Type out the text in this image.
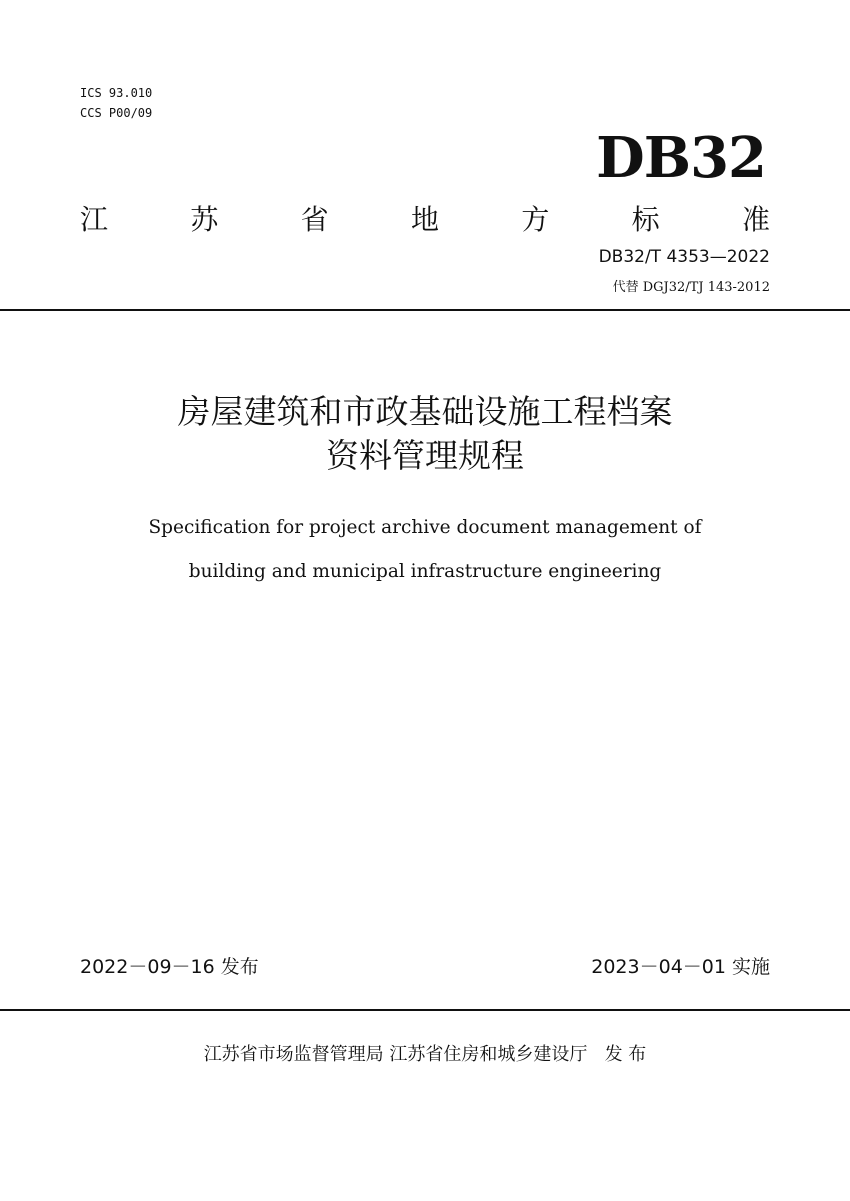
ICS 93.010
CCS P00/09
DB32
江	苏	省	地	方	标	准
DB32/T 4353—2022
代替 DGJ32/TJ 143-2012
房屋建筑和市政基础设施工程档案
资料管理规程
Specification for project archive document management of
building and municipal infrastructure engineering
2022－09－16 发布	2023－04－01 实施
江苏省市场监督管理局 江苏省住房和城乡建设厅   发 布
